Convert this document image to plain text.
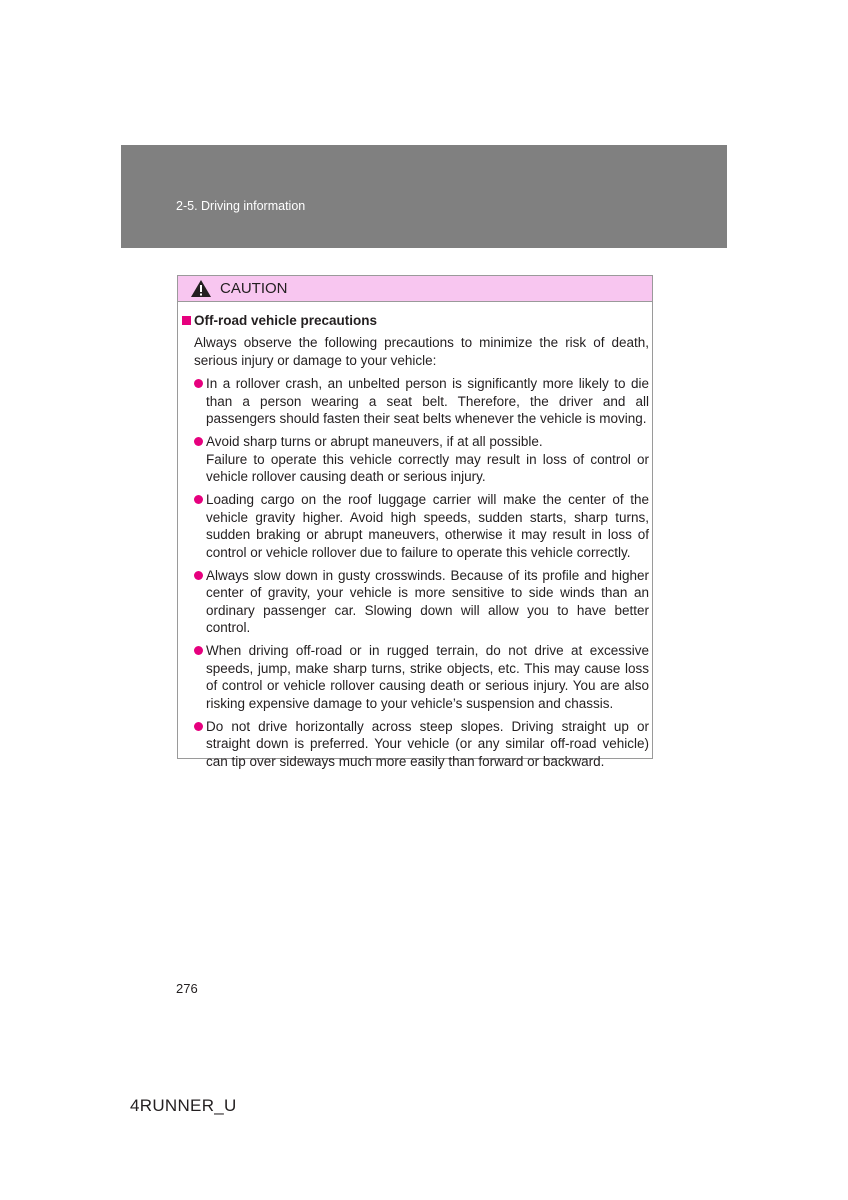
2-5. Driving information
CAUTION
Off-road vehicle precautions
Always observe the following precautions to minimize the risk of death, serious injury or damage to your vehicle:
In a rollover crash, an unbelted person is significantly more likely to die than a person wearing a seat belt. Therefore, the driver and all passengers should fasten their seat belts whenever the vehicle is moving.
Avoid sharp turns or abrupt maneuvers, if at all possible.
Failure to operate this vehicle correctly may result in loss of control or vehicle rollover causing death or serious injury.
Loading cargo on the roof luggage carrier will make the center of the vehicle gravity higher. Avoid high speeds, sudden starts, sharp turns, sudden braking or abrupt maneuvers, otherwise it may result in loss of control or vehicle rollover due to failure to operate this vehicle correctly.
Always slow down in gusty crosswinds. Because of its profile and higher center of gravity, your vehicle is more sensitive to side winds than an ordinary passenger car. Slowing down will allow you to have better control.
When driving off-road or in rugged terrain, do not drive at excessive speeds, jump, make sharp turns, strike objects, etc. This may cause loss of control or vehicle rollover causing death or serious injury. You are also risking expensive damage to your vehicle’s suspension and chassis.
Do not drive horizontally across steep slopes. Driving straight up or straight down is preferred. Your vehicle (or any similar off-road vehicle) can tip over sideways much more easily than forward or backward.
276
4RUNNER_U
